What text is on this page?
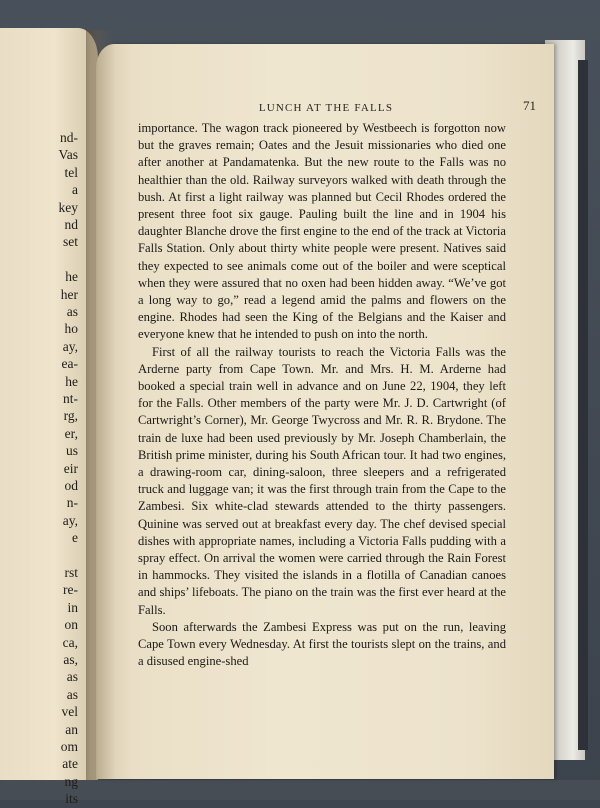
nd-
Vas
tel
a
key
nd
set
he
her
as
ho
ay,
ea-
he
nt-
rg,
er,
us
eir
od
n-
ay,
e
rst
re-
in
on
ca,
as,
as
as
vel
an
om
ate
ng
its
LUNCH AT THE FALLS	71

importance. The wagon track pioneered by Westbeech is forgotton now but the graves remain; Oates and the Jesuit missionaries who died one after another at Pandamatenka. But the new route to the Falls was no healthier than the old. Railway surveyors walked with death through the bush. At first a light railway was planned but Cecil Rhodes ordered the present three foot six gauge. Pauling built the line and in 1904 his daughter Blanche drove the first engine to the end of the track at Victoria Falls Station. Only about thirty white people were present. Natives said they expected to see animals come out of the boiler and were sceptical when they were assured that no oxen had been hidden away. “We’ve got a long way to go,” read a legend amid the palms and flowers on the engine. Rhodes had seen the King of the Belgians and the Kaiser and everyone knew that he intended to push on into the north.

First of all the railway tourists to reach the Victoria Falls was the Arderne party from Cape Town. Mr. and Mrs. H. M. Arderne had booked a special train well in advance and on June 22, 1904, they left for the Falls. Other members of the party were Mr. J. D. Cartwright (of Cartwright’s Corner), Mr. George Twycross and Mr. R. R. Brydone. The train de luxe had been used previously by Mr. Joseph Chamberlain, the British prime minister, during his South African tour. It had two engines, a drawing-room car, dining-saloon, three sleepers and a refrigerated truck and luggage van; it was the first through train from the Cape to the Zambesi. Six white-clad stewards attended to the thirty passengers. Quinine was served out at breakfast every day. The chef devised special dishes with appropriate names, including a Victoria Falls pudding with a spray effect. On arrival the women were carried through the Rain Forest in hammocks. They visited the islands in a flotilla of Canadian canoes and ships’ lifeboats. The piano on the train was the first ever heard at the Falls.

Soon afterwards the Zambesi Express was put on the run, leaving Cape Town every Wednesday. At first the tourists slept on the trains, and a disused engine-shed
